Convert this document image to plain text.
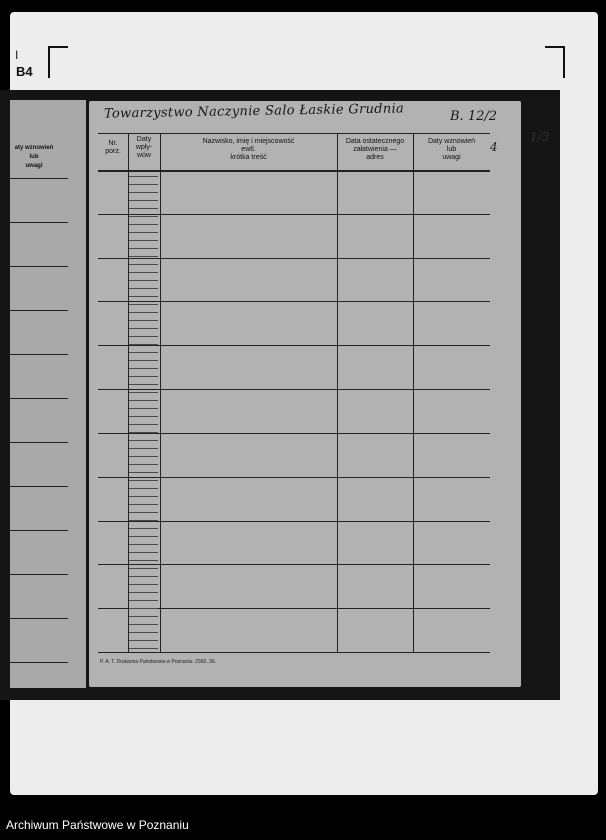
I
B4
aty wznowień
lub
uwagi
Towarzystwo Naczynie Salo Łaskie Grudnia	B. 12/2
4
1/3
Nr.
porz.
Daty
wpły-
wów
Nazwisko, imię i miejscowość
ewtl.
krótka treść
Data ostatecznego
załatwienia —
adres
Daty wznowień
lub
uwagi
P. A. T. Drukarnia Państwowa w Poznaniu. 2360. 36.
Archiwum Państwowe w Poznaniu
